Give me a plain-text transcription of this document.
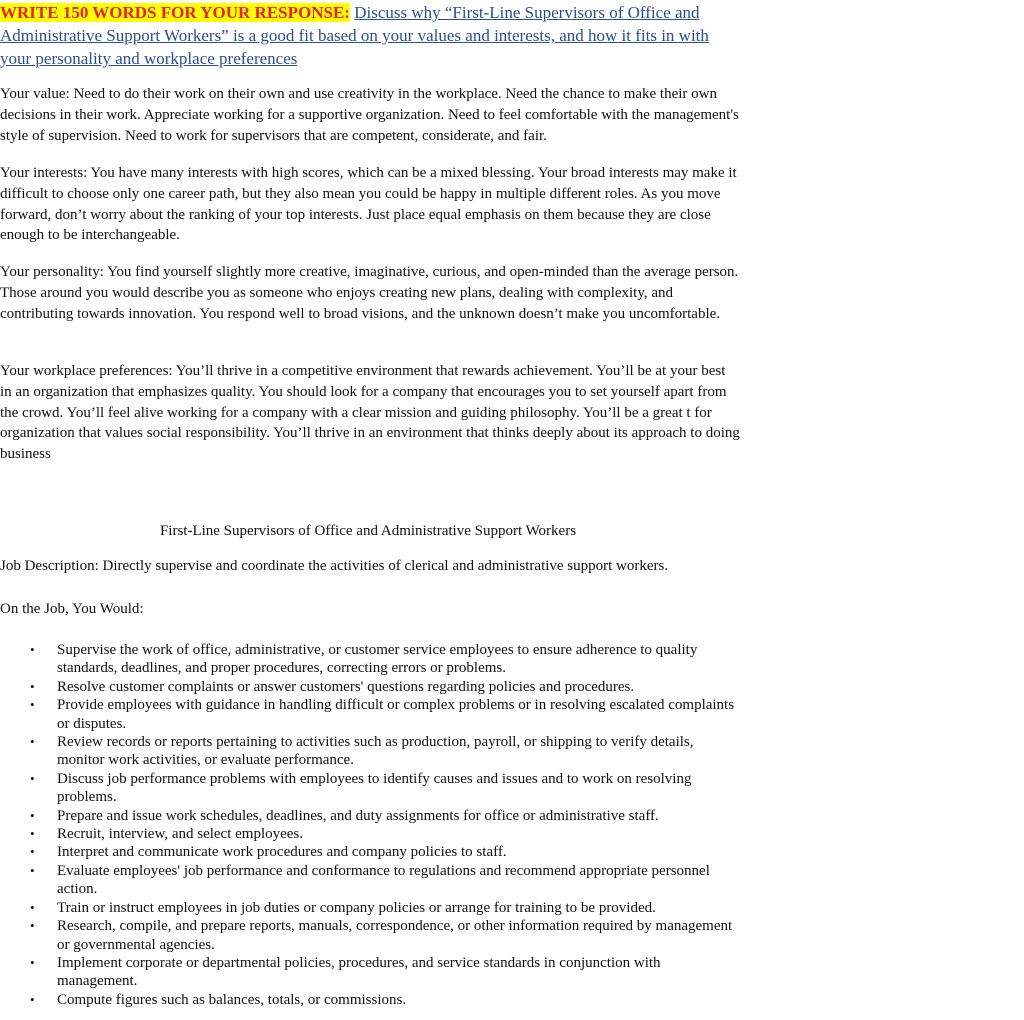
WRITE 150 WORDS FOR YOUR RESPONSE: Discuss why “First-Line Supervisors of Office and Administrative Support Workers” is a good fit based on your values and interests, and how it fits in with your personality and workplace preferences

Your value: Need to do their work on their own and use creativity in the workplace. Need the chance to make their own decisions in their work. Appreciate working for a supportive organization. Need to feel comfortable with the management's style of supervision. Need to work for supervisors that are competent, considerate, and fair.

Your interests: You have many interests with high scores, which can be a mixed blessing. Your broad interests may make it difficult to choose only one career path, but they also mean you could be happy in multiple different roles. As you move forward, don’t worry about the ranking of your top interests. Just place equal emphasis on them because they are close enough to be interchangeable.

Your personality: You find yourself slightly more creative, imaginative, curious, and open-minded than the average person. Those around you would describe you as someone who enjoys creating new plans, dealing with complexity, and contributing towards innovation. You respond well to broad visions, and the unknown doesn’t make you uncomfortable.

Your workplace preferences: You’ll thrive in a competitive environment that rewards achievement. You’ll be at your best in an organization that emphasizes quality. You should look for a company that encourages you to set yourself apart from the crowd. You’ll feel alive working for a company with a clear mission and guiding philosophy. You’ll be a great t for organization that values social responsibility. You’ll thrive in an environment that thinks deeply about its approach to doing business

First-Line Supervisors of Office and Administrative Support Workers
Job Description: Directly supervise and coordinate the activities of clerical and administrative support workers.
On the Job, You Would:
• Supervise the work of office, administrative, or customer service employees to ensure adherence to quality standards, deadlines, and proper procedures, correcting errors or problems.
• Resolve customer complaints or answer customers' questions regarding policies and procedures.
• Provide employees with guidance in handling difficult or complex problems or in resolving escalated complaints or disputes.
• Review records or reports pertaining to activities such as production, payroll, or shipping to verify details, monitor work activities, or evaluate performance.
• Discuss job performance problems with employees to identify causes and issues and to work on resolving problems.
• Prepare and issue work schedules, deadlines, and duty assignments for office or administrative staff.
• Recruit, interview, and select employees.
• Interpret and communicate work procedures and company policies to staff.
• Evaluate employees' job performance and conformance to regulations and recommend appropriate personnel action.
• Train or instruct employees in job duties or company policies or arrange for training to be provided.
• Research, compile, and prepare reports, manuals, correspondence, or other information required by management or governmental agencies.
• Implement corporate or departmental policies, procedures, and service standards in conjunction with management.
• Compute figures such as balances, totals, or commissions.
